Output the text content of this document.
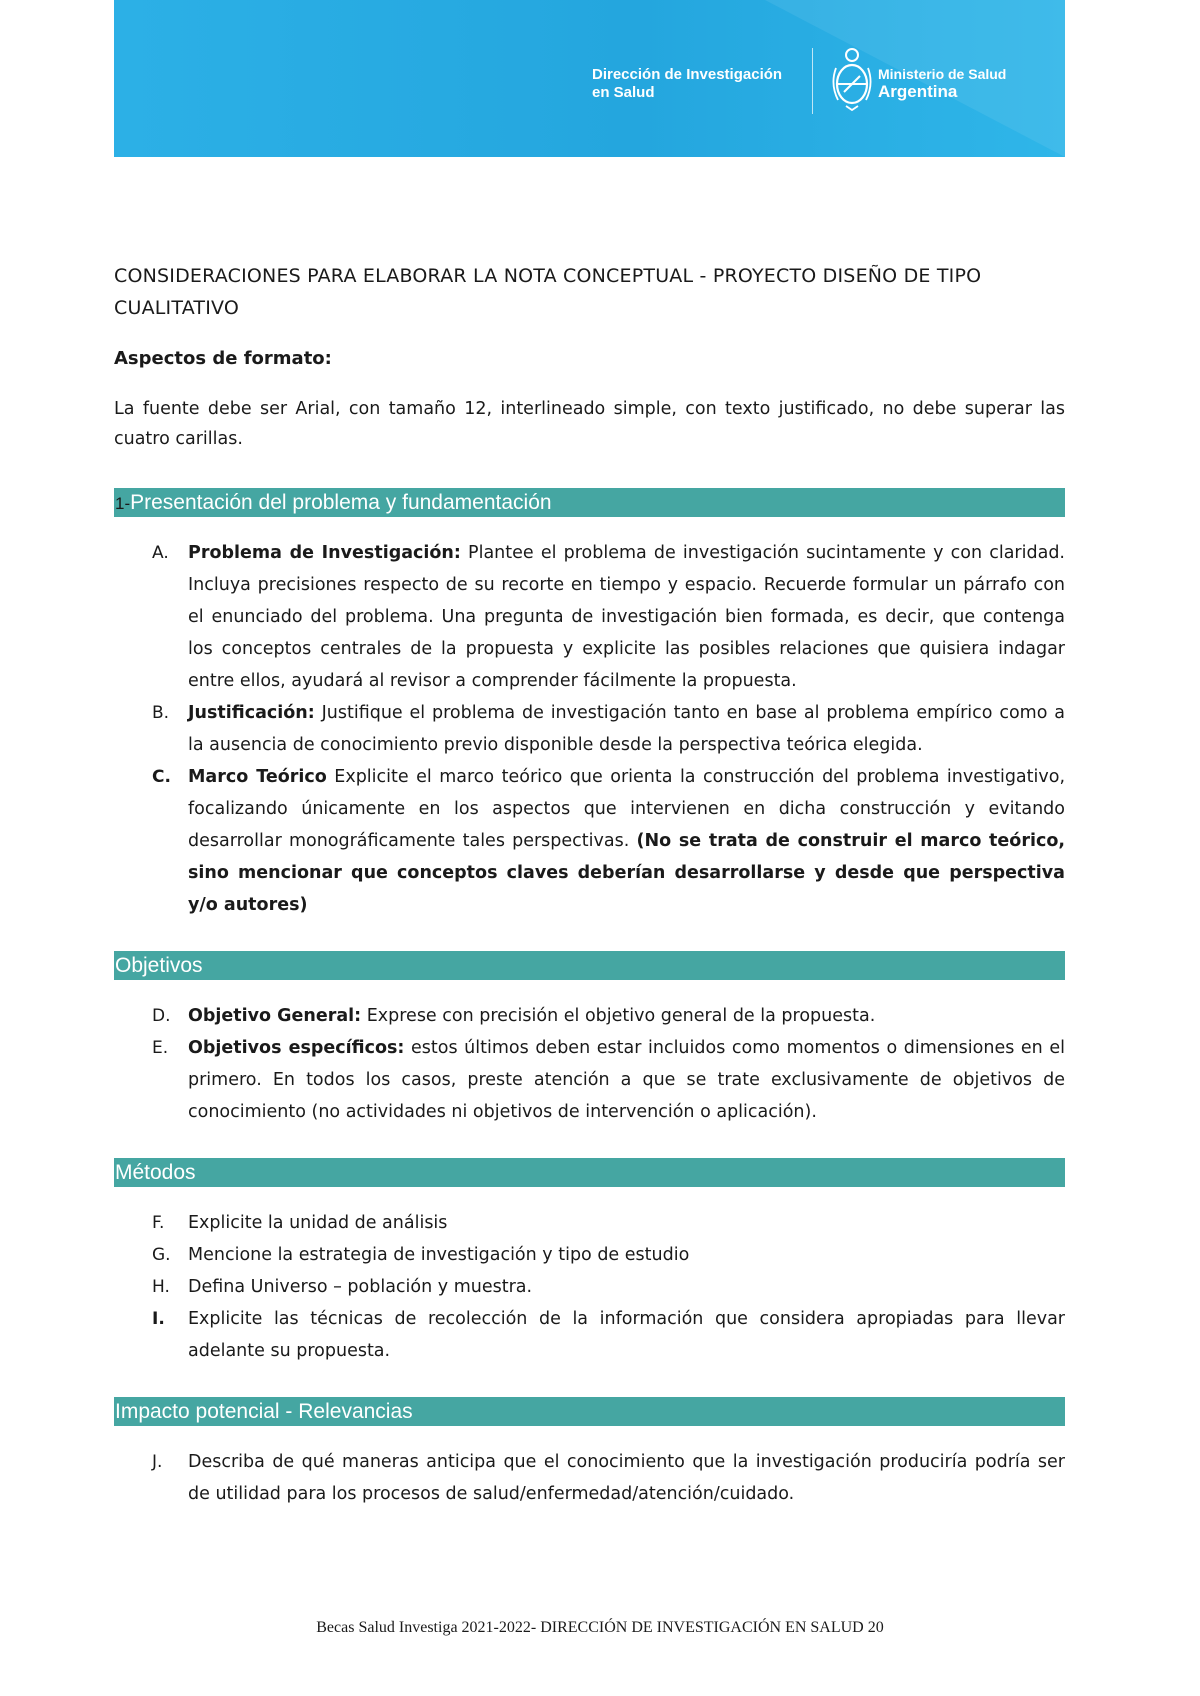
Dirección de Investigación
en Salud
Ministerio de Salud
Argentina
CONSIDERACIONES PARA ELABORAR LA NOTA CONCEPTUAL - PROYECTO DISEÑO DE TIPO CUALITATIVO
Aspectos de formato:
La fuente debe ser Arial, con tamaño 12, interlineado simple, con texto justificado, no debe superar las cuatro carillas.
1-Presentación del problema y fundamentación
A. Problema de Investigación: Plantee el problema de investigación sucintamente y con claridad. Incluya precisiones respecto de su recorte en tiempo y espacio. Recuerde formular un párrafo con el enunciado del problema. Una pregunta de investigación bien formada, es decir, que contenga los conceptos centrales de la propuesta y explicite las posibles relaciones que quisiera indagar entre ellos, ayudará al revisor a comprender fácilmente la propuesta.
B. Justificación: Justifique el problema de investigación tanto en base al problema empírico como a la ausencia de conocimiento previo disponible desde la perspectiva teórica elegida.
C. Marco Teórico Explicite el marco teórico que orienta la construcción del problema investigativo, focalizando únicamente en los aspectos que intervienen en dicha construcción y evitando desarrollar monográficamente tales perspectivas. (No se trata de construir el marco teórico, sino mencionar que conceptos claves deberían desarrollarse y desde que perspectiva y/o autores)
Objetivos
D. Objetivo General: Exprese con precisión el objetivo general de la propuesta.
E. Objetivos específicos: estos últimos deben estar incluidos como momentos o dimensiones en el primero. En todos los casos, preste atención a que se trate exclusivamente de objetivos de conocimiento (no actividades ni objetivos de intervención o aplicación).
Métodos
F. Explicite la unidad de análisis
G. Mencione la estrategia de investigación y tipo de estudio
H. Defina Universo – población y muestra.
I. Explicite las técnicas de recolección de la información que considera apropiadas para llevar adelante su propuesta.
Impacto potencial - Relevancias
J. Describa de qué maneras anticipa que el conocimiento que la investigación produciría podría ser de utilidad para los procesos de salud/enfermedad/atención/cuidado.
Becas Salud Investiga 2021-2022- DIRECCIÓN DE INVESTIGACIÓN EN SALUD 20
